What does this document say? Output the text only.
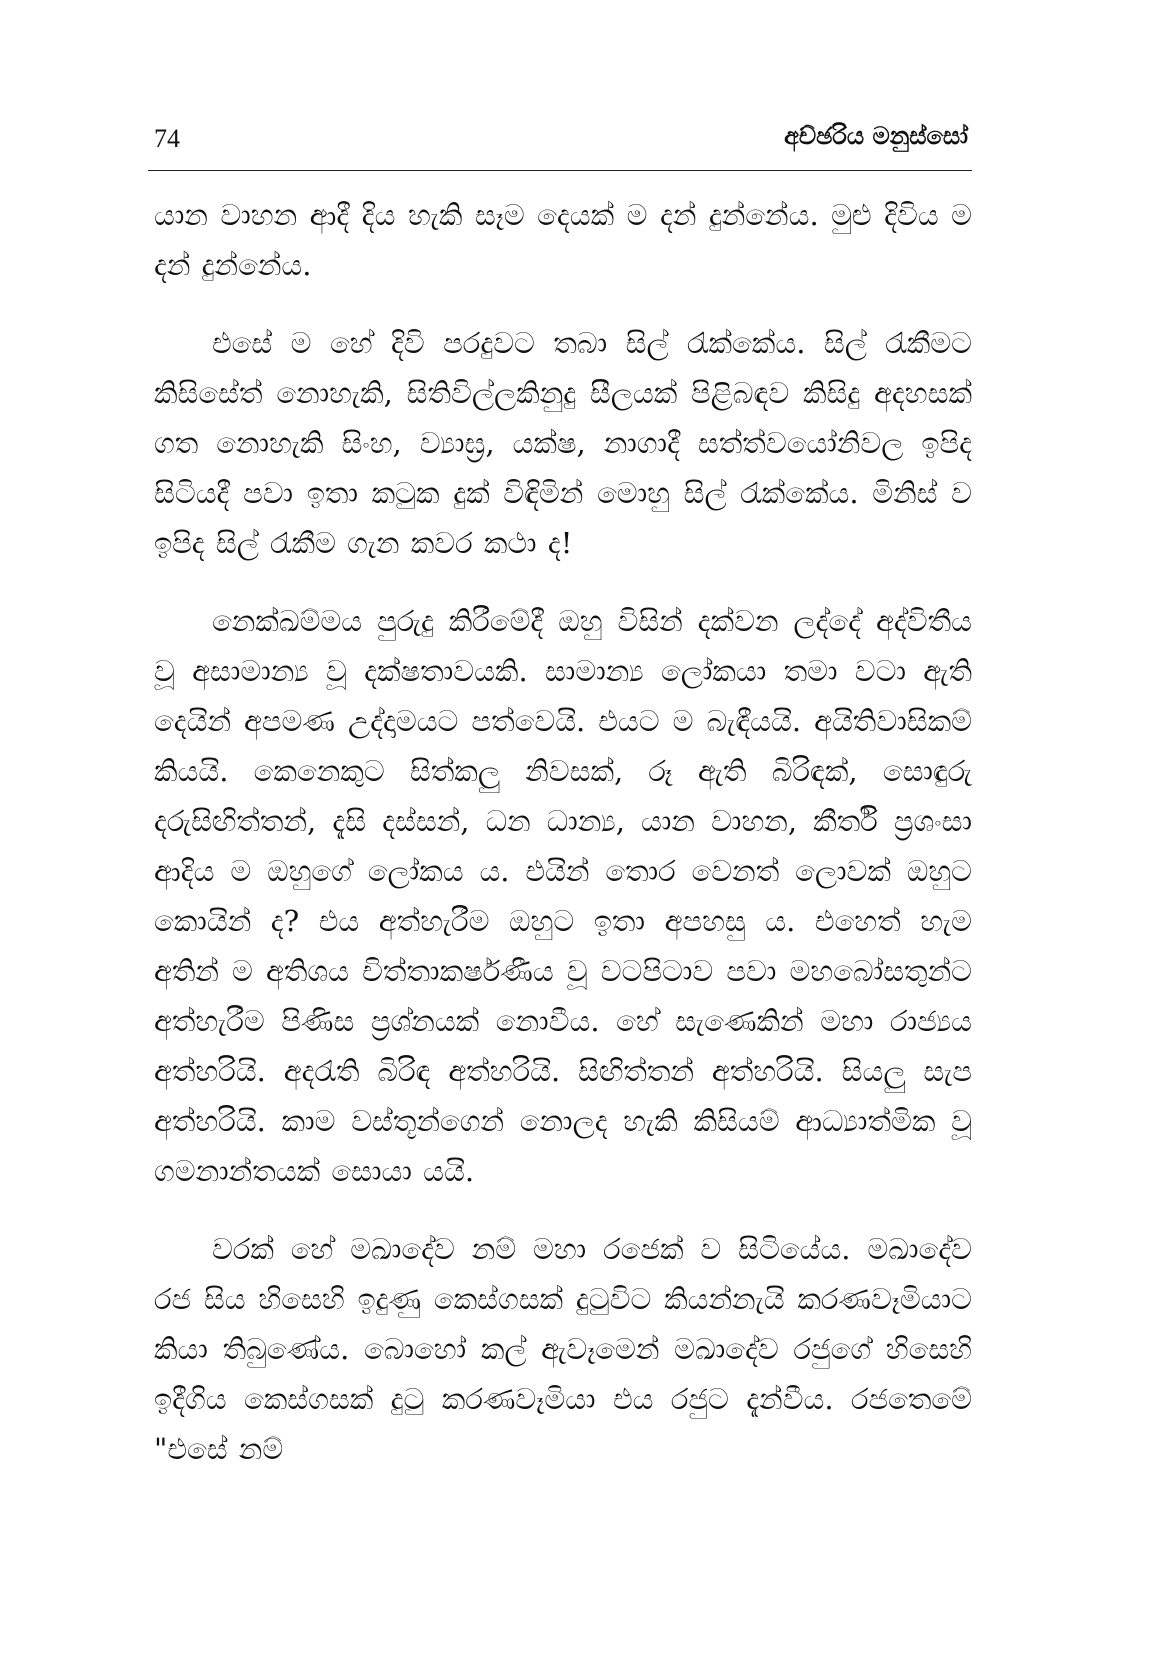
74	අච්ඡරිය මනුස්සෝ

යාන වාහන ආදී දිය හැකි සෑම දෙයක් ම දන් දුන්නේය. මුළු දිවිය ම දන් දුන්නේය.

එසේ ම හේ දිවි පරදුවට තබා සිල් රැක්කේය. සිල් රැකීමට කිසිසේත් නොහැකි, සිතිවිල්ලකිනුදු සීලයක් පිළිබඳව කිසිදු අදහසක් ගත නොහැකි සිංහ, ව්‍යාඝ්‍ර, යක්ෂ, නාගාදී සත්ත්වයෝනිවල ඉපිද සිටියදී පවා ඉතා කටුක දුක් විඳිමින් මොහු සිල් රැක්කේය. මිනිස් ව ඉපිද සිල් රැකීම ගැන කවර කථා ද!

නෙක්ඛම්මය පුරුදු කිරීමේදී ඔහු විසින් දක්වන ලද්දේ අද්විතීය වූ අසාමාන්‍ය වූ දක්ෂතාවයකි. සාමාන්‍ය ලෝකයා තමා වටා ඇති දෙයින් අපමණ උද්දාමයට පත්වෙයි. එයට ම බැඳීයයි. අයිතිවාසිකම් කියයි. කෙනෙකුට සිත්කලු නිවසක්, රූ ඇති බිරිඳක්, සොඳුරු දරුසිඟිත්තන්, දැසි දස්සන්, ධන ධාන්‍ය, යාන වාහන, කීර්ති ප්‍රශංසා ආදිය ම ඔහුගේ ලෝකය ය. එයින් තොර වෙනත් ලොවක් ඔහුට කොයින් ද? එය අත්හැරීම ඔහුට ඉතා අපහසු ය. එහෙත් හැම අතින් ම අතිශය චිත්තාකර්ෂණීය වූ වටපිටාව පවා මහබෝසතුන්ට අත්හැරීම පිණිස ප්‍රශ්නයක් නොවීය. හේ සැණෙකින් මහා රාජ්‍යය අත්හරියි. අදරැති බිරිඳ අත්හරියි. සිඟිත්තන් අත්හරියි. සියලු සැප අත්හරියි. කාම වස්තූන්ගෙන් නොලද හැකි කිසියම් ආධ්‍යාත්මික වූ ගමනාන්තයක් සොයා යයි.

වරක් හේ මඛාදේව නම් මහා රජෙක් ව සිටියේය. මඛාදේව රජ සිය හිසෙහි ඉදුණු කෙස්ගසක් දුටුවිට කියන්නැයි කරණවෑමියාට කියා තිබුණේය. බොහෝ කල් ඇවෑමෙන් මඛාදේව රජුගේ හිසෙහි ඉදීගිය කෙස්ගසක් දුටු කරණවෑමියා එය රජුට දැන්වීය. රජතෙමේ "එසේ නම්
